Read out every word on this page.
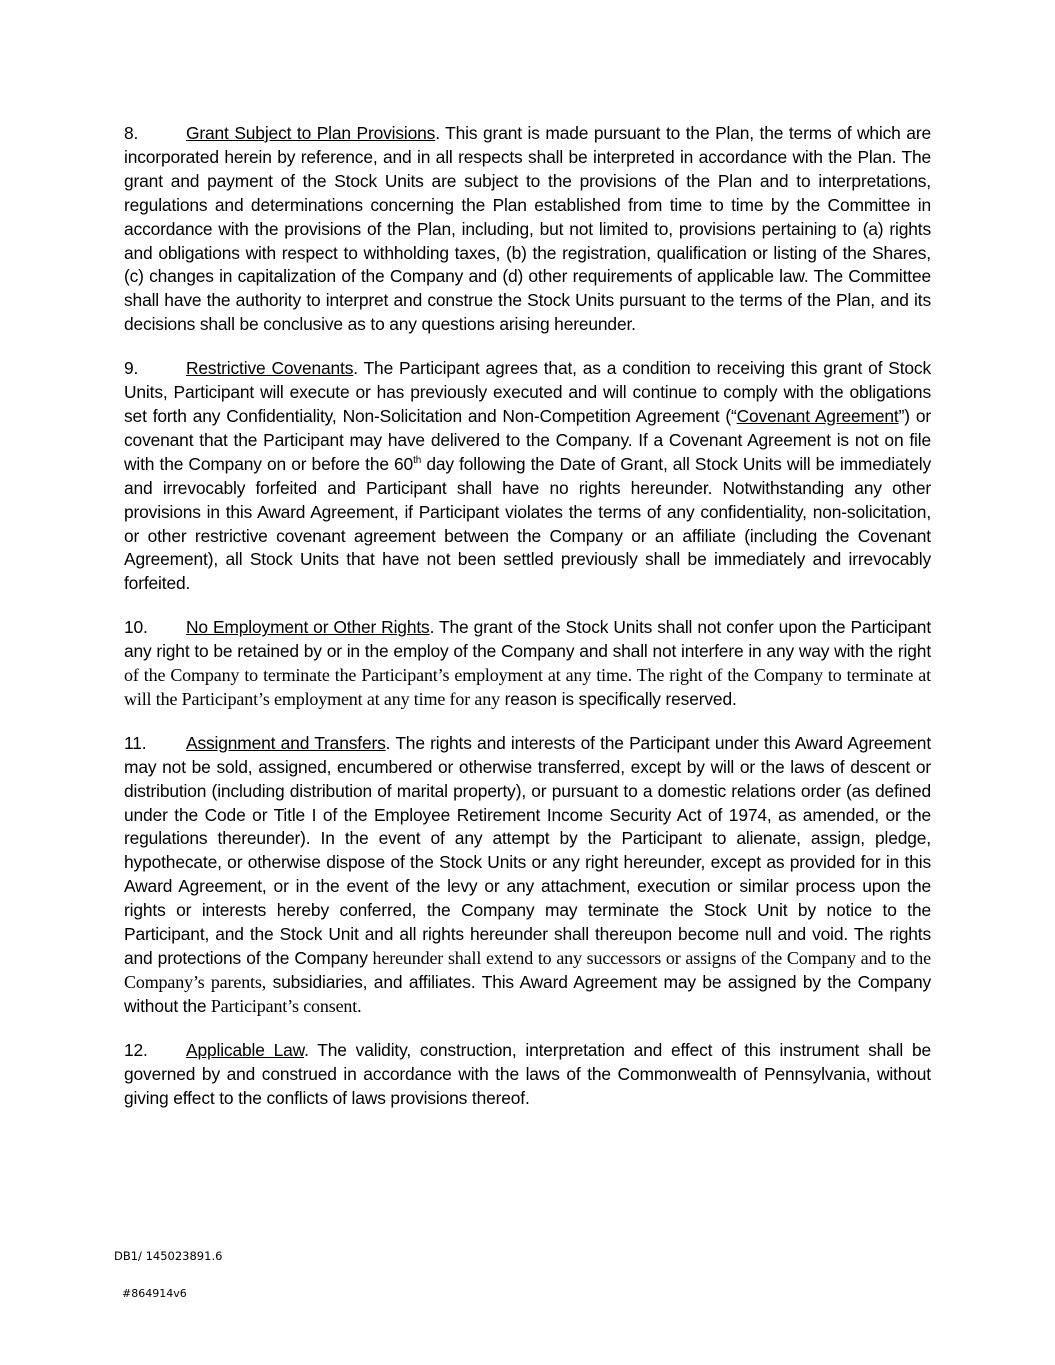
8.	Grant Subject to Plan Provisions. This grant is made pursuant to the Plan, the terms of which are incorporated herein by reference, and in all respects shall be interpreted in accordance with the Plan. The grant and payment of the Stock Units are subject to the provisions of the Plan and to interpretations, regulations and determinations concerning the Plan established from time to time by the Committee in accordance with the provisions of the Plan, including, but not limited to, provisions pertaining to (a) rights and obligations with respect to withholding taxes, (b) the registration, qualification or listing of the Shares, (c) changes in capitalization of the Company and (d) other requirements of applicable law. The Committee shall have the authority to interpret and construe the Stock Units pursuant to the terms of the Plan, and its decisions shall be conclusive as to any questions arising hereunder.

9.	Restrictive Covenants. The Participant agrees that, as a condition to receiving this grant of Stock Units, Participant will execute or has previously executed and will continue to comply with the obligations set forth any Confidentiality, Non-Solicitation and Non-Competition Agreement (“Covenant Agreement”) or covenant that the Participant may have delivered to the Company. If a Covenant Agreement is not on file with the Company on or before the 60th day following the Date of Grant, all Stock Units will be immediately and irrevocably forfeited and Participant shall have no rights hereunder. Notwithstanding any other provisions in this Award Agreement, if Participant violates the terms of any confidentiality, non-solicitation, or other restrictive covenant agreement between the Company or an affiliate (including the Covenant Agreement), all Stock Units that have not been settled previously shall be immediately and irrevocably forfeited.

10. No Employment or Other Rights. The grant of the Stock Units shall not confer upon the Participant any right to be retained by or in the employ of the Company and shall not interfere in any way with the right of the Company to terminate the Participant’s employment at any time. The right of the Company to terminate at will the Participant’s employment at any time for any reason is specifically reserved.

11. Assignment and Transfers. The rights and interests of the Participant under this Award Agreement may not be sold, assigned, encumbered or otherwise transferred, except by will or the laws of descent or distribution (including distribution of marital property), or pursuant to a domestic relations order (as defined under the Code or Title I of the Employee Retirement Income Security Act of 1974, as amended, or the regulations thereunder). In the event of any attempt by the Participant to alienate, assign, pledge, hypothecate, or otherwise dispose of the Stock Units or any right hereunder, except as provided for in this Award Agreement, or in the event of the levy or any attachment, execution or similar process upon the rights or interests hereby conferred, the Company may terminate the Stock Unit by notice to the Participant, and the Stock Unit and all rights hereunder shall thereupon become null and void. The rights and protections of the Company hereunder shall extend to any successors or assigns of the Company and to the Company’s parents, subsidiaries, and affiliates. This Award Agreement may be assigned by the Company without the Participant’s consent.

12. Applicable Law. The validity, construction, interpretation and effect of this instrument shall be governed by and construed in accordance with the laws of the Commonwealth of Pennsylvania, without giving effect to the conflicts of laws provisions thereof.

DB1/ 145023891.6
#864914v6
